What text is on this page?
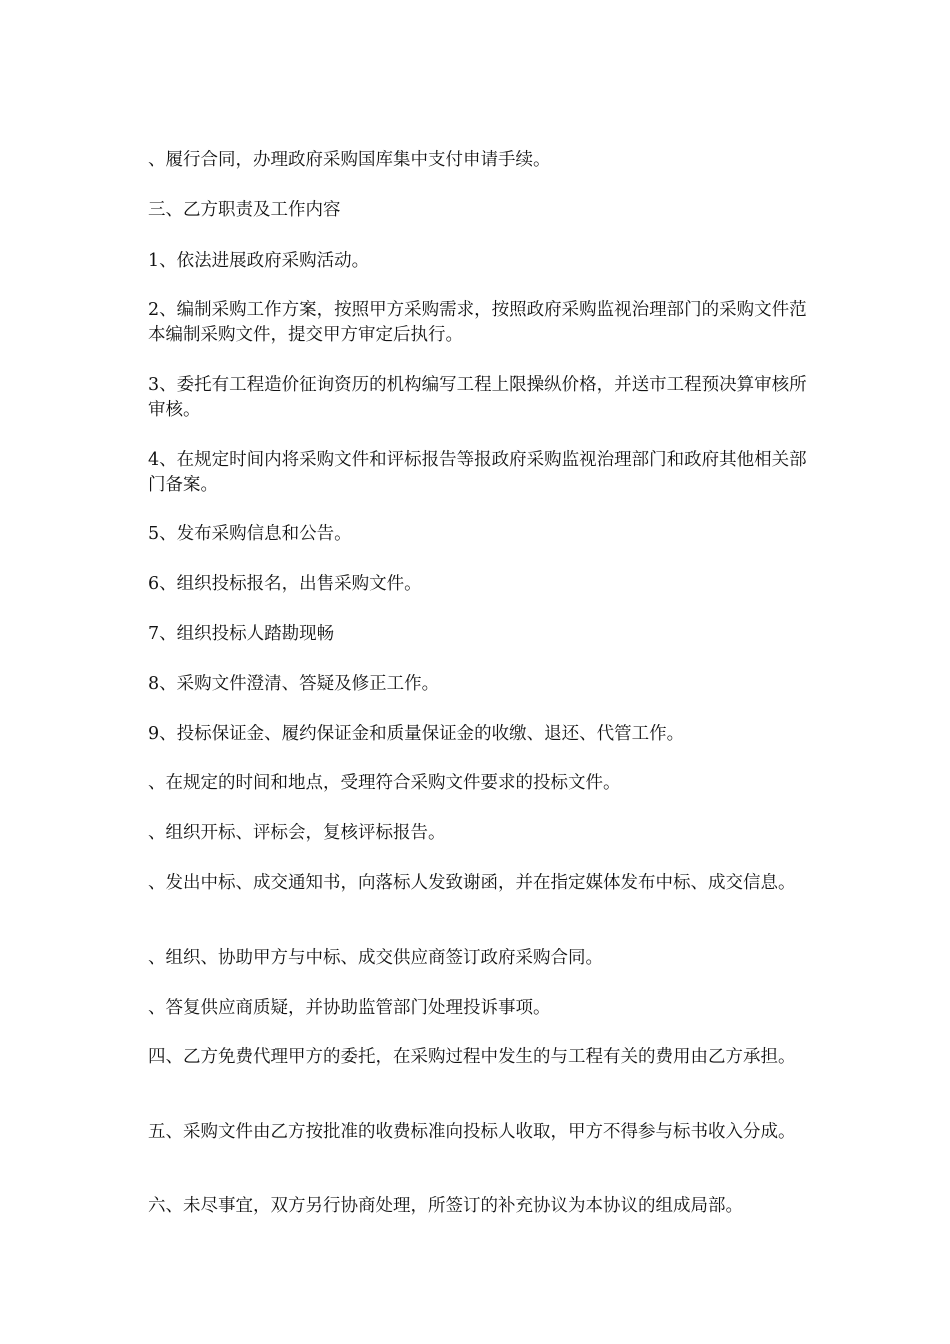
、履行合同，办理政府采购国库集中支付申请手续。

三、乙方职责及工作内容

1、依法进展政府采购活动。

2、编制采购工作方案，按照甲方采购需求，按照政府采购监视治理部门的采购文件范本编制采购文件，提交甲方审定后执行。

3、委托有工程造价征询资历的机构编写工程上限操纵价格，并送市工程预决算审核所审核。

4、在规定时间内将采购文件和评标报告等报政府采购监视治理部门和政府其他相关部门备案。

5、发布采购信息和公告。

6、组织投标报名，出售采购文件。

7、组织投标人踏勘现畅

8、采购文件澄清、答疑及修正工作。

9、投标保证金、履约保证金和质量保证金的收缴、退还、代管工作。

、在规定的时间和地点，受理符合采购文件要求的投标文件。

、组织开标、评标会，复核评标报告。

、发出中标、成交通知书，向落标人发致谢函，并在指定媒体发布中标、成交信息。

、组织、协助甲方与中标、成交供应商签订政府采购合同。

、答复供应商质疑，并协助监管部门处理投诉事项。

四、乙方免费代理甲方的委托，在采购过程中发生的与工程有关的费用由乙方承担。

五、采购文件由乙方按批准的收费标准向投标人收取，甲方不得参与标书收入分成。

六、未尽事宜，双方另行协商处理，所签订的补充协议为本协议的组成局部。
